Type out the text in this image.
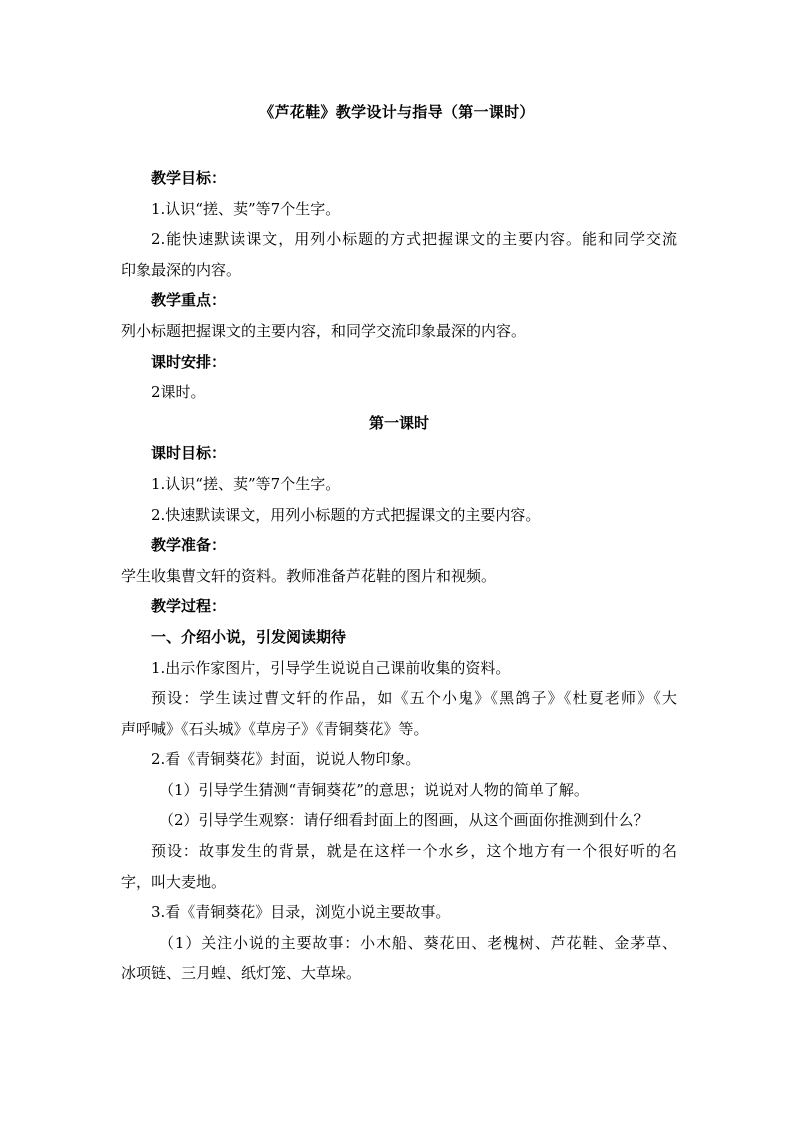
《芦花鞋》教学设计与指导（第一课时）
教学目标：
1.认识“搓、荬”等7个生字。
2.能快速默读课文，用列小标题的方式把握课文的主要内容。能和同学交流
印象最深的内容。
教学重点：
列小标题把握课文的主要内容，和同学交流印象最深的内容。
课时安排：
2课时。
第一课时
课时目标：
1.认识“搓、荬”等7个生字。
2.快速默读课文，用列小标题的方式把握课文的主要内容。
教学准备：
学生收集曹文轩的资料。教师准备芦花鞋的图片和视频。
教学过程：
一、介绍小说，引发阅读期待
1.出示作家图片，引导学生说说自己课前收集的资料。
预设：学生读过曹文轩的作品，如《五个小鬼》《黑鸽子》《杜夏老师》《大
声呼喊》《石头城》《草房子》《青铜葵花》等。
2.看《青铜葵花》封面，说说人物印象。
（1）引导学生猜测“青铜葵花”的意思；说说对人物的简单了解。
（2）引导学生观察：请仔细看封面上的图画，从这个画面你推测到什么？
预设：故事发生的背景，就是在这样一个水乡，这个地方有一个很好听的名
字，叫大麦地。
3.看《青铜葵花》目录，浏览小说主要故事。
（1）关注小说的主要故事：小木船、葵花田、老槐树、芦花鞋、金茅草、
冰项链、三月蝗、纸灯笼、大草垛。
